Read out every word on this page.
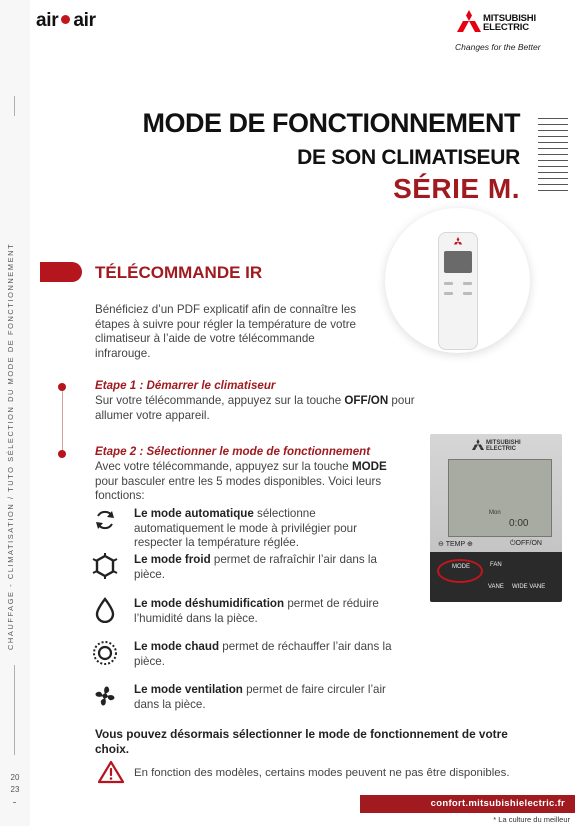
CHAUFFAGE - CLIMATISATION / TUTO SÉLECTION DU MODE DE FONCTIONNEMENT
20
23
air air	MITSUBISHI
ELECTRIC
Changes for the Better
MODE DE FONCTIONNEMENT
DE SON CLIMATISEUR
SÉRIE M.
TÉLÉCOMMANDE IR
Bénéficiez d’un PDF explicatif afin de connaître les étapes à suivre pour régler la température de votre climatiseur à l’aide de votre télécommande infrarouge.
Etape 1 : Démarrer le climatiseur
Sur votre télécommande, appuyez sur la touche OFF/ON pour allumer votre appareil.
Etape 2 : Sélectionner le mode de fonctionnement
Avec votre télécommande, appuyez sur la touche MODE pour basculer entre les 5 modes disponibles. Voici leurs fonctions:
MITSUBISHI
ELECTRIC
Mon
0:00
⊖ TEMP ⊕	⏻OFF/ON
MODE	FAN
VANE WIDE VANE
Le mode automatique sélectionne automatiquement le mode à privilégier pour respecter la température réglée.
Le mode froid permet de rafraîchir l’air dans la pièce.
Le mode déshumidification permet de réduire l’humidité dans la pièce.
Le mode chaud permet de réchauffer l’air dans la pièce.
Le mode ventilation permet de faire circuler l’air dans la pièce.
Vous pouvez désormais sélectionner le mode de fonctionnement de votre choix.
En fonction des modèles, certains modes peuvent ne pas être disponibles.
confort.mitsubishielectric.fr
* La culture du meilleur
